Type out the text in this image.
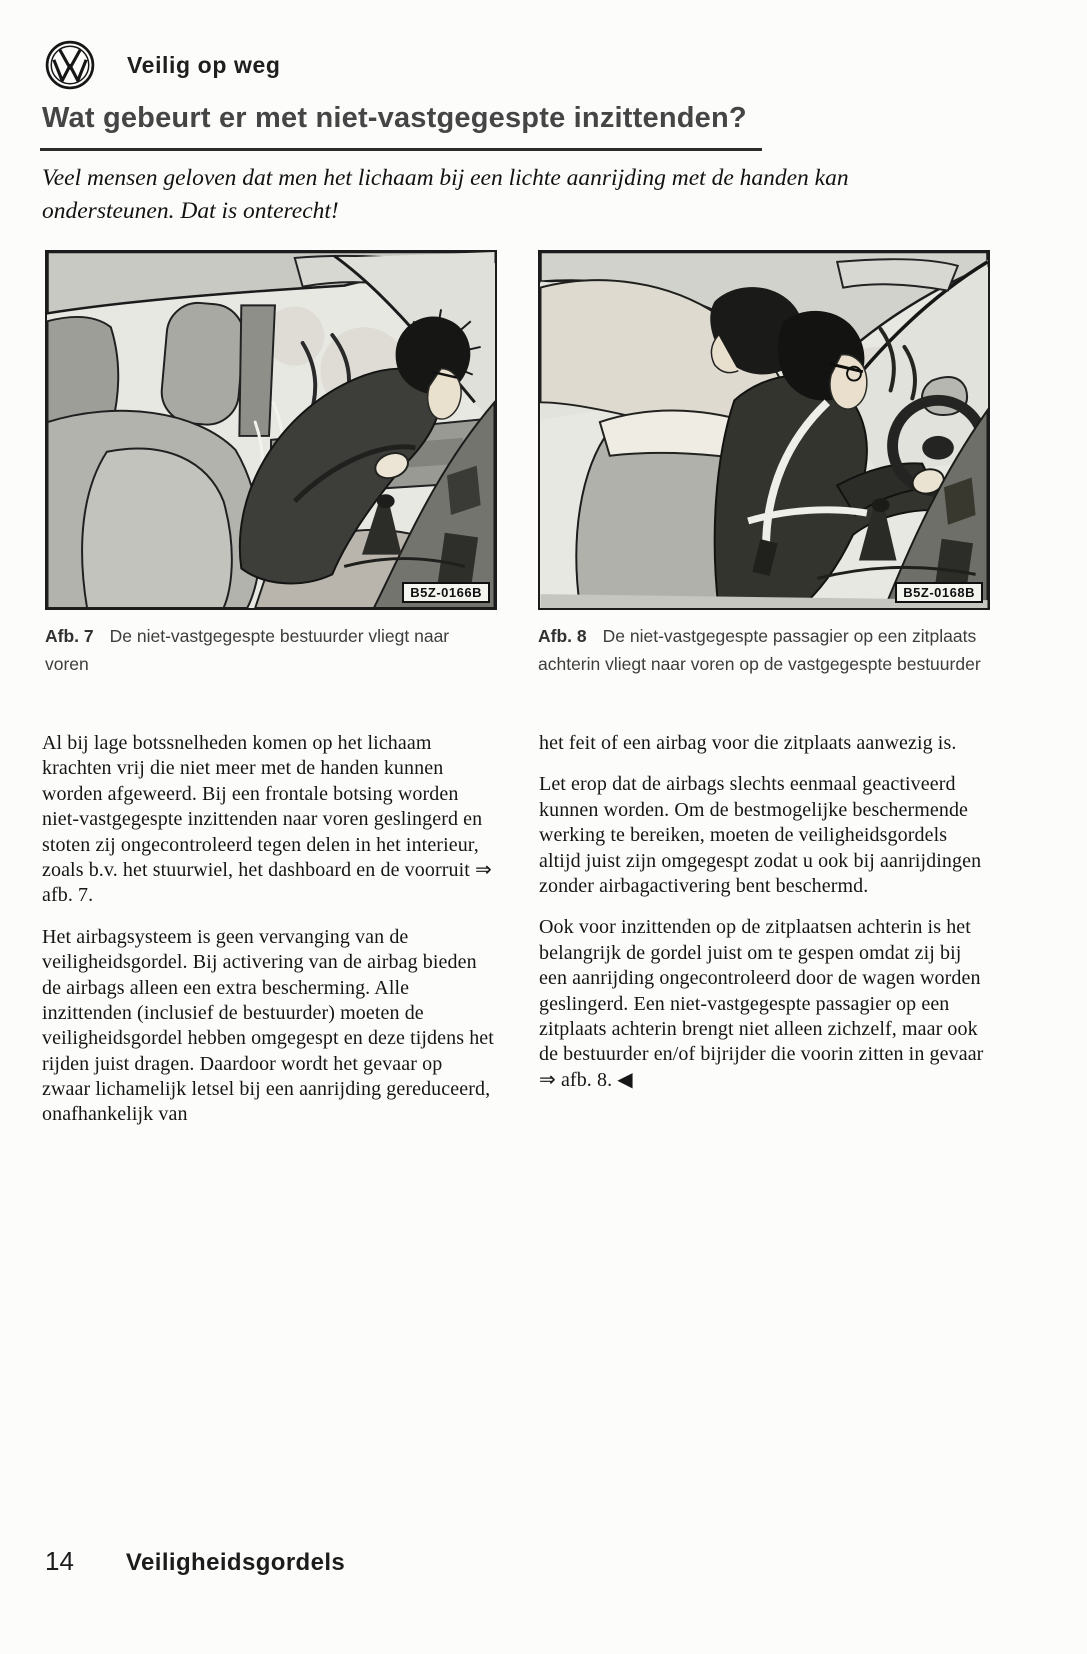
Veilig op weg
Wat gebeurt er met niet-vastgegespte inzittenden?

Veel mensen geloven dat men het lichaam bij een lichte aanrijding met de handen kan ondersteunen. Dat is onterecht!

B5Z-0166B
Afb. 7 De niet-vastgegespte bestuurder vliegt naar voren
B5Z-0168B
Afb. 8 De niet-vastgegespte passagier op een zitplaats achterin vliegt naar voren op de vastgegespte bestuurder

Al bij lage botssnelheden komen op het lichaam krachten vrij die niet meer met de handen kunnen worden afgeweerd. Bij een frontale botsing worden niet-vastgegespte inzittenden naar voren geslingerd en stoten zij ongecontroleerd tegen delen in het interieur, zoals b.v. het stuurwiel, het dashboard en de voorruit ⇒ afb. 7.

Het airbagsysteem is geen vervanging van de veiligheidsgordel. Bij activering van de airbag bieden de airbags alleen een extra bescherming. Alle inzittenden (inclusief de bestuurder) moeten de veiligheidsgordel hebben omgegespt en deze tijdens het rijden juist dragen. Daardoor wordt het gevaar op zwaar lichamelijk letsel bij een aanrijding gereduceerd, onafhankelijk van

het feit of een airbag voor die zitplaats aanwezig is.

Let erop dat de airbags slechts eenmaal geactiveerd kunnen worden. Om de bestmogelijke beschermende werking te bereiken, moeten de veiligheidsgordels altijd juist zijn omgegespt zodat u ook bij aanrijdingen zonder airbagactivering bent beschermd.

Ook voor inzittenden op de zitplaatsen achterin is het belangrijk de gordel juist om te gespen omdat zij bij een aanrijding ongecontroleerd door de wagen worden geslingerd. Een niet-vastgegespte passagier op een zitplaats achterin brengt niet alleen zichzelf, maar ook de bestuurder en/of bijrijder die voorin zitten in gevaar ⇒ afb. 8. ◀

14 Veiligheidsgordels
